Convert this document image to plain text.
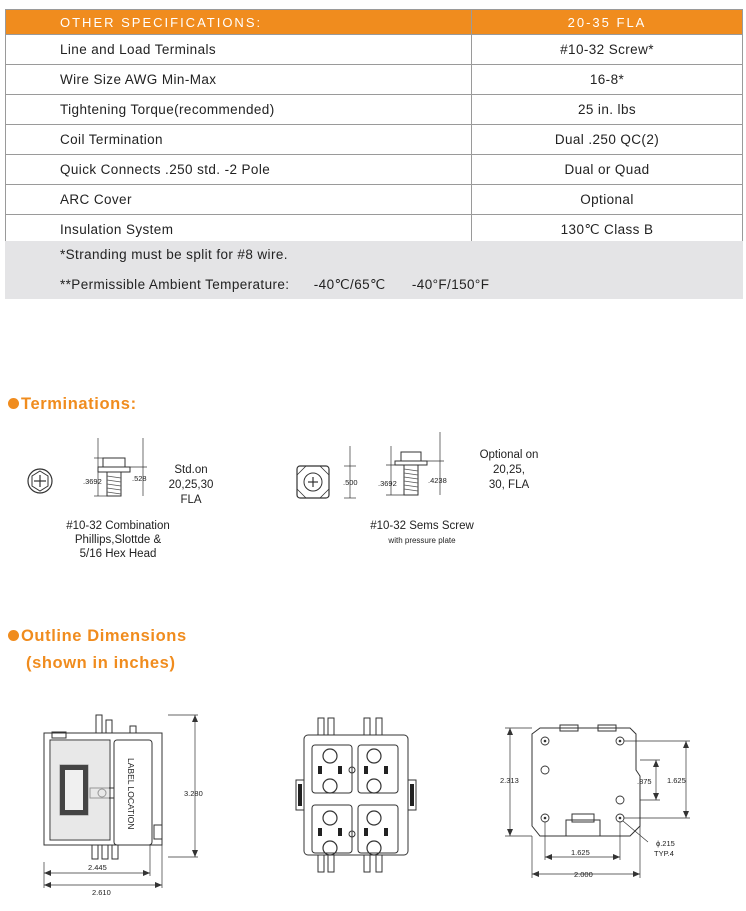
OTHER SPECIFICATIONS:	20-35 FLA
Line and Load Terminals	#10-32 Screw*
Wire Size AWG Min-Max	16-8*
Tightening Torque(recommended)	25 in. lbs
Coil Termination	Dual .250 QC(2)
Quick Connects .250 std. -2 Pole	Dual or Quad
ARC Cover	Optional
Insulation System	130℃ Class B
*Stranding must be split for #8 wire.
**Permissible Ambient Temperature: -40℃/65℃ -40°F/150°F
Terminations:
.3692	.528
Std.on
20,25,30
FLA
#10-32 Combination
Phillips,Slottde &
5/16 Hex Head
.500	.3692	.4238
Optional on
20,25,
30, FLA
#10-32 Sems Screw
with pressure plate
Outline Dimensions
(shown in inches)
LABEL LOCATION	3.280
2.445
2.610
2.313	.875 1.625
1.625
2.000
ϕ.215
TYP.4
